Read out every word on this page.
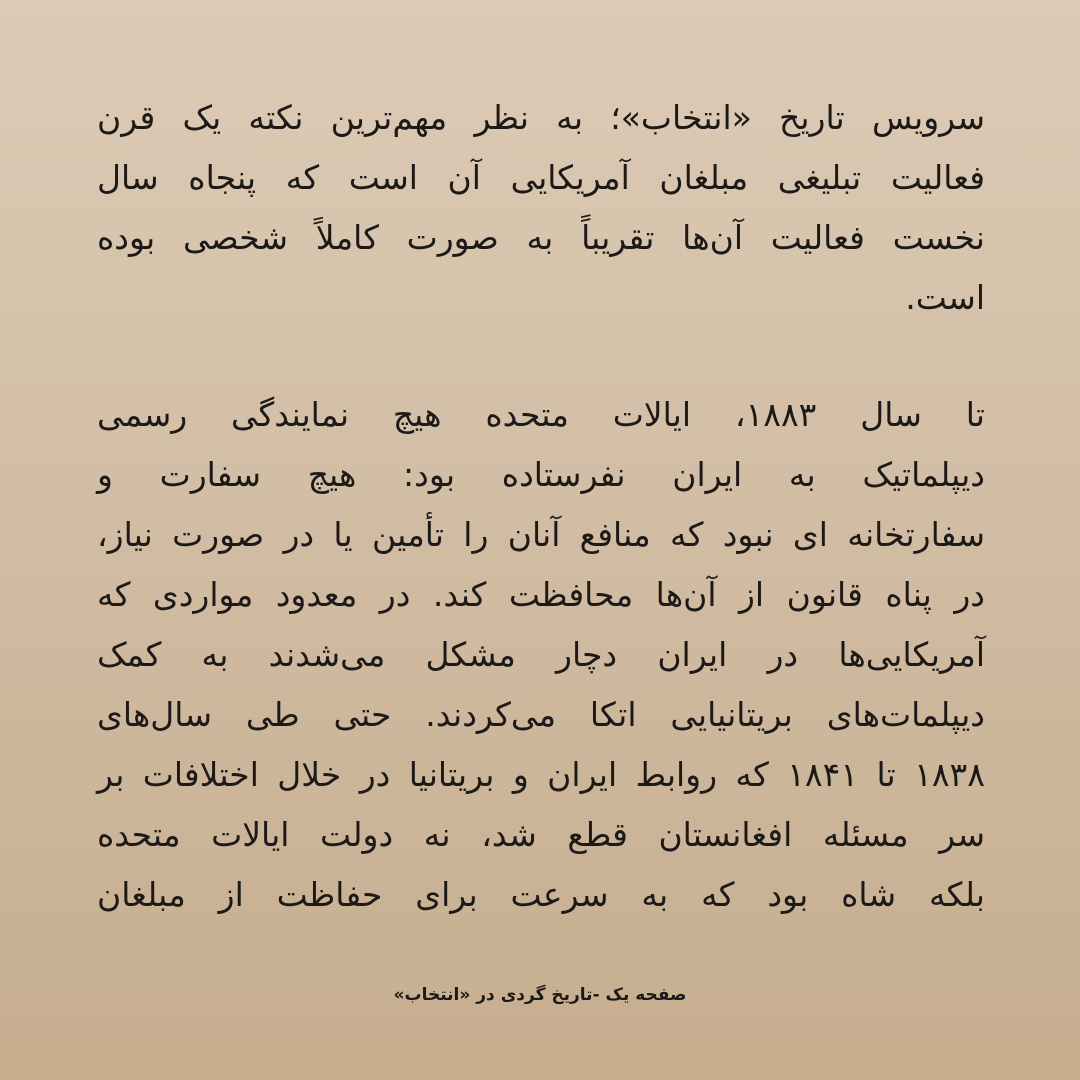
سرویس تاریخ «انتخاب»؛ به نظر مهم‌ترین نکته یک قرن
فعالیت تبلیغی مبلغان آمریکایی آن است که پنجاه سال
نخست فعالیت آن‌ها تقریباً به صورت کاملاً شخصی بوده
است.

تا سال ۱۸۸۳، ایالات متحده هیچ نمایندگی رسمی
دیپلماتیک به ایران نفرستاده بود: هیچ سفارت و
سفارتخانه ای نبود که منافع آنان را تأمین یا در صورت نیاز،
در پناه قانون از آن‌ها محافظت کند. در معدود مواردی که
آمریکایی‌ها در ایران دچار مشکل می‌شدند به کمک
دیپلمات‌های بریتانیایی اتکا می‌کردند. حتی طی سال‌های
۱۸۳۸ تا ۱۸۴۱ که روابط ایران و بریتانیا در خلال اختلافات بر
سر مسئله افغانستان قطع شد، نه دولت ایالات متحده
بلکه شاه بود که به سرعت برای حفاظت از مبلغان

صفحه یک -تاریخ گردی در «انتخاب»
